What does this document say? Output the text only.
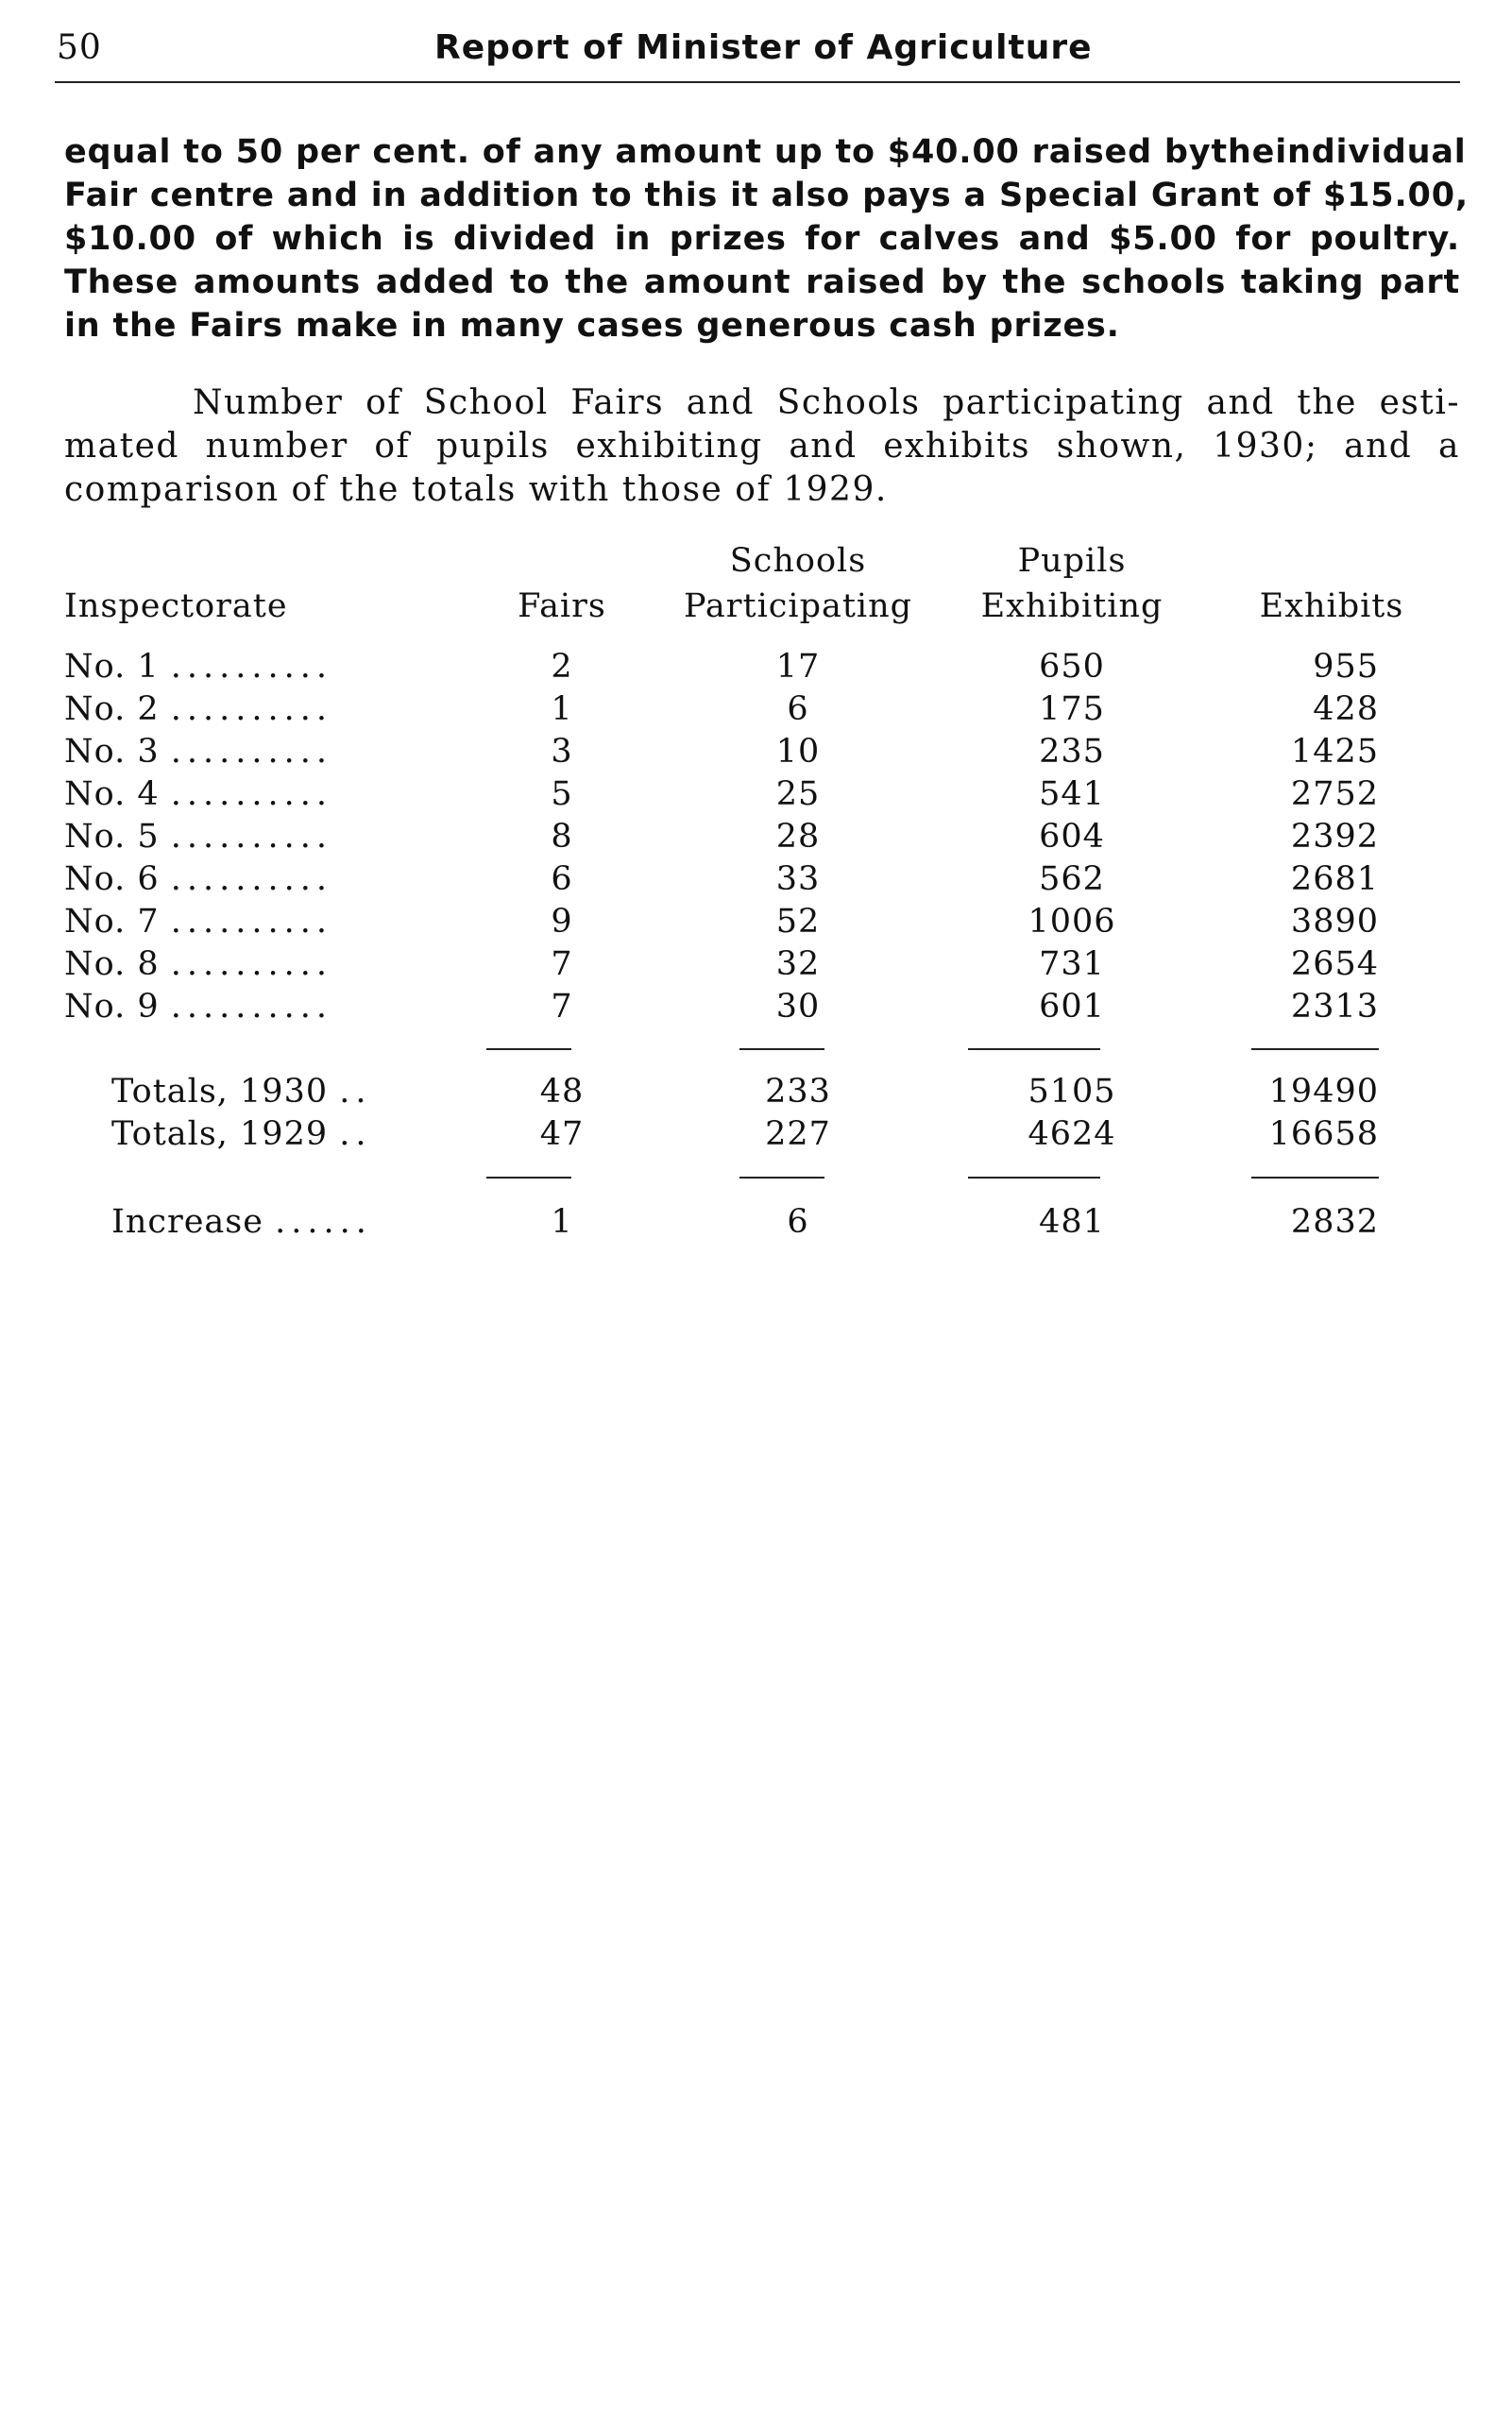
50	Report of Minister of Agriculture
equal to 50 per cent. of any amount up to $40.00 raised bytheindividual
Fair centre and in addition to this it also pays a Special Grant of $15.00,
$10.00 of which is divided in prizes for calves and $5.00 for poultry.
These amounts added to the amount raised by the schools taking part
in the Fairs make in many cases generous cash prizes.
Number of School Fairs and Schools participating and the esti-
mated number of pupils exhibiting and exhibits shown, 1930; and a
comparison of the totals with those of 1929.
Schools	Pupils
Inspectorate	Fairs	Participating	Exhibiting	Exhibits
No. 1 ..........	2	17	650	955
No. 2 ..........	1	6	175	428
No. 3 ..........	3	10	235	1425
No. 4 ..........	5	25	541	2752
No. 5 ..........	8	28	604	2392
No. 6 ..........	6	33	562	2681
No. 7 ..........	9	52	1006	3890
No. 8 ..........	7	32	731	2654
No. 9 ..........	7	30	601	2313
Totals, 1930 ..	48	233	5105	19490
Totals, 1929 ..	47	227	4624	16658
Increase ......	1	6	481	2832
